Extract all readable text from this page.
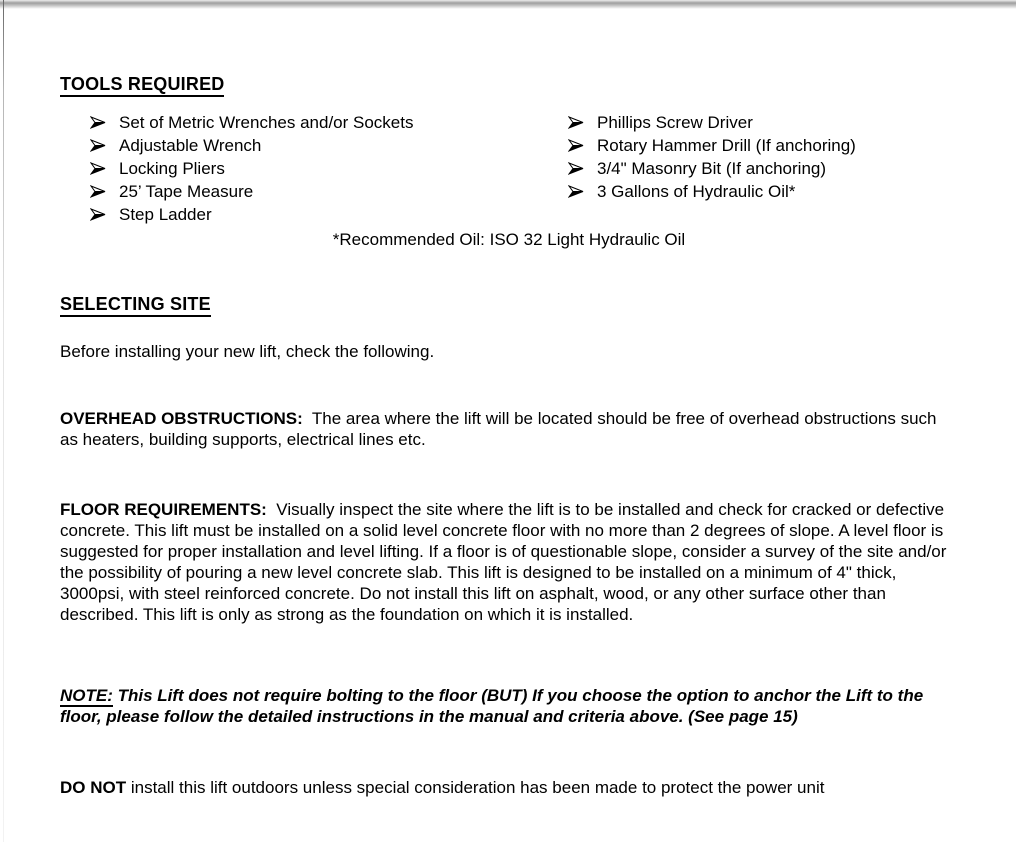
TOOLS REQUIRED
Set of Metric Wrenches and/or Sockets
Adjustable Wrench
Locking Pliers
25’ Tape Measure
Step Ladder
Phillips Screw Driver
Rotary Hammer Drill (If anchoring)
3/4" Masonry Bit (If anchoring)
3 Gallons of Hydraulic Oil*
*Recommended Oil: ISO 32 Light Hydraulic Oil
SELECTING SITE

Before installing your new lift, check the following.

OVERHEAD OBSTRUCTIONS:  The area where the lift will be located should be free of overhead obstructions such as heaters, building supports, electrical lines etc.

FLOOR REQUIREMENTS:  Visually inspect the site where the lift is to be installed and check for cracked or defective concrete. This lift must be installed on a solid level concrete floor with no more than 2 degrees of slope. A level floor is suggested for proper installation and level lifting. If a floor is of questionable slope, consider a survey of the site and/or the possibility of pouring a new level concrete slab. This lift is designed to be installed on a minimum of 4" thick, 3000psi, with steel reinforced concrete. Do not install this lift on asphalt, wood, or any other surface other than described. This lift is only as strong as the foundation on which it is installed.

NOTE: This Lift does not require bolting to the floor (BUT) If you choose the option to anchor the Lift to the floor, please follow the detailed instructions in the manual and criteria above. (See page 15)

DO NOT install this lift outdoors unless special consideration has been made to protect the power unit
